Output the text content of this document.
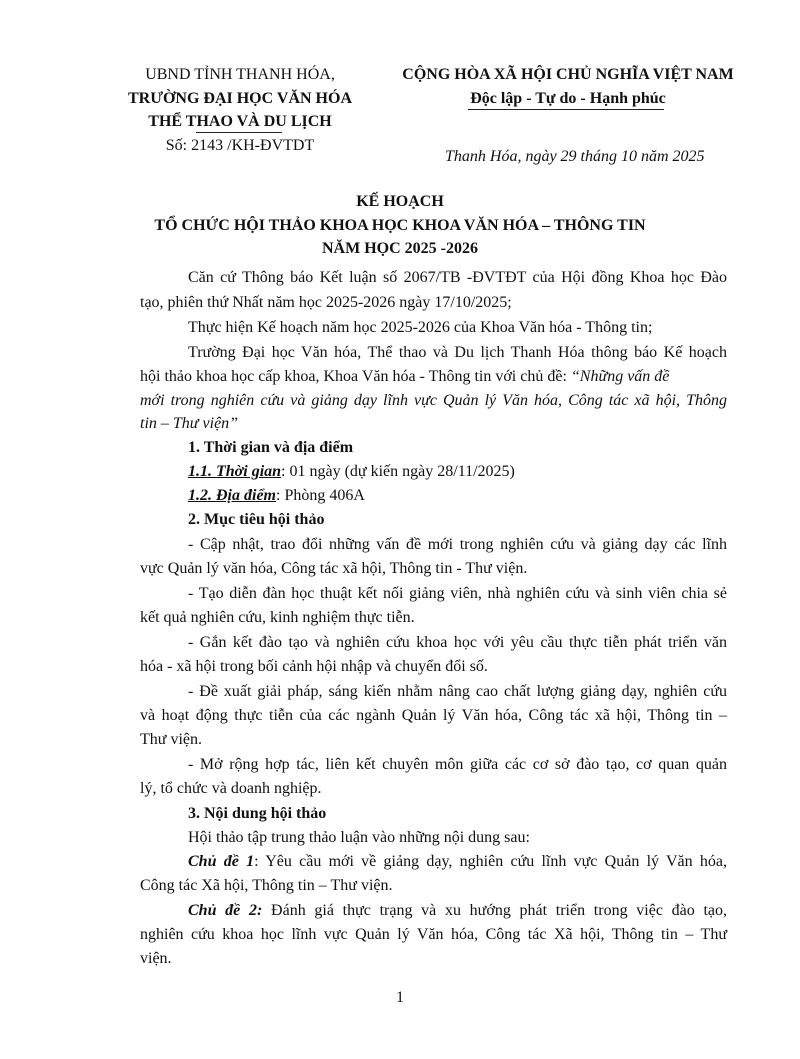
UBND TỈNH THANH HÓA,
TRƯỜNG ĐẠI HỌC VĂN HÓA
THỂ THAO VÀ DU LỊCH
Số: 2143 /KH-ĐVTDT
CỘNG HÒA XÃ HỘI CHỦ NGHĨA VIỆT NAM
Độc lập - Tự do - Hạnh phúc
Thanh Hóa, ngày 29 tháng 10 năm 2025
KẾ HOẠCH
TỔ CHỨC HỘI THẢO KHOA HỌC KHOA VĂN HÓA – THÔNG TIN
NĂM HỌC 2025 -2026
Căn cứ Thông báo Kết luận số 2067/TB -ĐVTĐT của Hội đồng Khoa học Đào
tạo, phiên thứ Nhất năm học 2025-2026 ngày 17/10/2025;
Thực hiện Kế hoạch năm học 2025-2026 của Khoa Văn hóa - Thông tin;
Trường Đại học Văn hóa, Thể thao và Du lịch Thanh Hóa thông báo Kế hoạch
hội thảo khoa học cấp khoa, Khoa Văn hóa - Thông tin với chủ đề: “Những vấn đề
mới trong nghiên cứu và giảng dạy lĩnh vực Quản lý Văn hóa, Công tác xã hội, Thông
tin – Thư viện”
1. Thời gian và địa điểm
1.1. Thời gian: 01 ngày (dự kiến ngày 28/11/2025)
1.2. Địa điểm: Phòng 406A
2. Mục tiêu hội thảo
- Cập nhật, trao đổi những vấn đề mới trong nghiên cứu và giảng dạy các lĩnh
vực Quản lý văn hóa, Công tác xã hội, Thông tin - Thư viện.
- Tạo diễn đàn học thuật kết nối giảng viên, nhà nghiên cứu và sinh viên chia sẻ
kết quả nghiên cứu, kinh nghiệm thực tiễn.
- Gắn kết đào tạo và nghiên cứu khoa học với yêu cầu thực tiễn phát triển văn
hóa - xã hội trong bối cảnh hội nhập và chuyển đổi số.
- Đề xuất giải pháp, sáng kiến nhằm nâng cao chất lượng giảng dạy, nghiên cứu
và hoạt động thực tiễn của các ngành Quản lý Văn hóa, Công tác xã hội, Thông tin –
Thư viện.
- Mở rộng hợp tác, liên kết chuyên môn giữa các cơ sở đào tạo, cơ quan quản
lý, tổ chức và doanh nghiệp.
3. Nội dung hội thảo
Hội thảo tập trung thảo luận vào những nội dung sau:
Chủ đề 1: Yêu cầu mới về giảng dạy, nghiên cứu lĩnh vực Quản lý Văn hóa,
Công tác Xã hội, Thông tin – Thư viện.
Chủ đề 2: Đánh giá thực trạng và xu hướng phát triển trong việc đào tạo,
nghiên cứu khoa học lĩnh vực Quản lý Văn hóa, Công tác Xã hội, Thông tin – Thư
viện.
1
